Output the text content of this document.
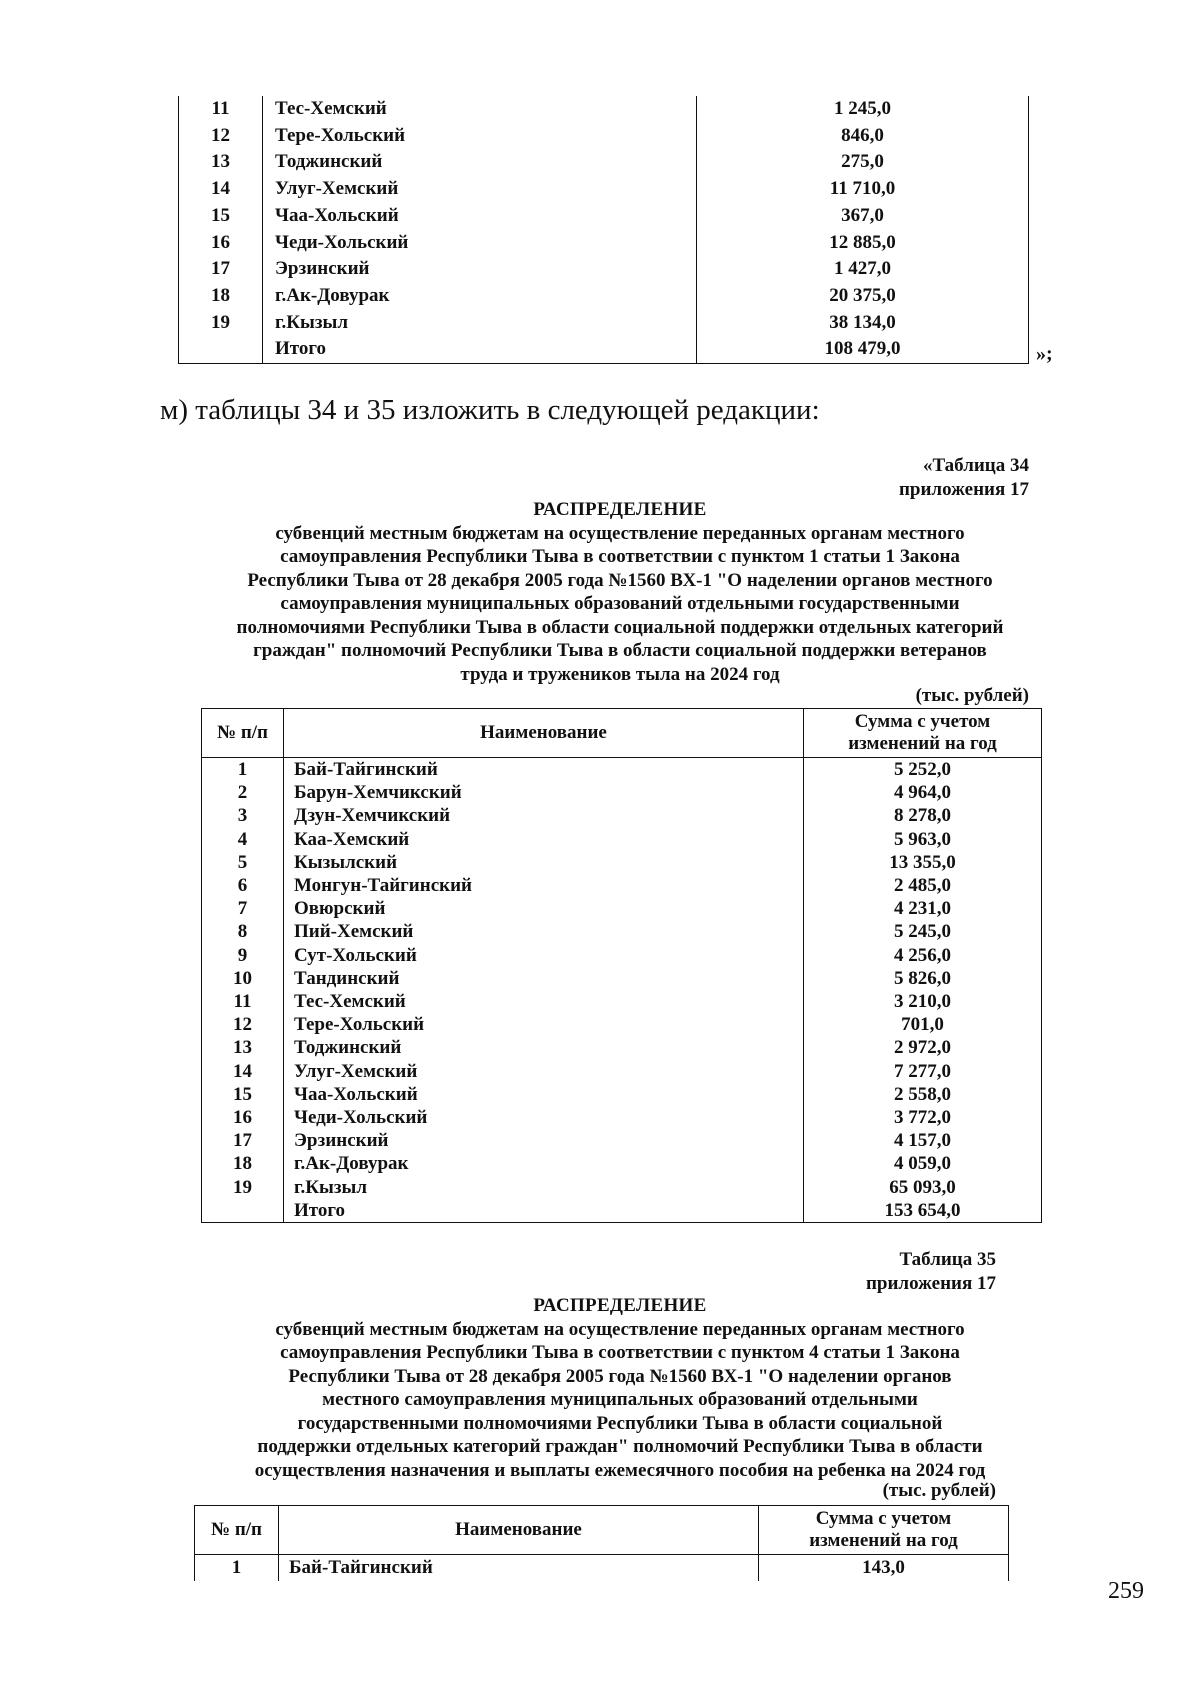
11	Тес-Хемский	1 245,0
12	Тере-Хольский	846,0
13	Тоджинский	275,0
14	Улуг-Хемский	11 710,0
15	Чаа-Хольский	367,0
16	Чеди-Хольский	12 885,0
17	Эрзинский	1 427,0
18	г.Ак-Довурак	20 375,0
19	г.Кызыл	38 134,0
	Итого	108 479,0	»;
м) таблицы 34 и 35 изложить в следующей редакции:
«Таблица 34
приложения 17
РАСПРЕДЕЛЕНИЕ
субвенций местным бюджетам на осуществление переданных органам местного
самоуправления Республики Тыва в соответствии с пунктом 1 статьи 1 Закона
Республики Тыва от 28 декабря 2005 года №1560 ВХ-1 "О наделении органов местного
самоуправления муниципальных образований отдельными государственными
полномочиями Республики Тыва в области социальной поддержки отдельных категорий
граждан" полномочий Республики Тыва в области социальной поддержки ветеранов
труда и тружеников тыла на 2024 год
(тыс. рублей)
№ п/п	Наименование	Сумма с учетом
изменений на год

1	Бай-Тайгинский	5 252,0
2	Барун-Хемчикский	4 964,0
3	Дзун-Хемчикский	8 278,0
4	Каа-Хемский	5 963,0
5	Кызылский	13 355,0
6	Монгун-Тайгинский	2 485,0
7	Овюрский	4 231,0
8	Пий-Хемский	5 245,0
9	Сут-Хольский	4 256,0
10	Тандинский	5 826,0
11	Тес-Хемский	3 210,0
12	Тере-Хольский	701,0
13	Тоджинский	2 972,0
14	Улуг-Хемский	7 277,0
15	Чаа-Хольский	2 558,0
16	Чеди-Хольский	3 772,0
17	Эрзинский	4 157,0
18	г.Ак-Довурак	4 059,0
19	г.Кызыл	65 093,0
	Итого	153 654,0
Таблица 35
приложения 17
РАСПРЕДЕЛЕНИЕ
субвенций местным бюджетам на осуществление переданных органам местного
самоуправления Республики Тыва в соответствии с пунктом 4 статьи 1 Закона
Республики Тыва от 28 декабря 2005 года №1560 ВХ-1 "О наделении органов
местного самоуправления муниципальных образований отдельными
государственными полномочиями Республики Тыва в области социальной
поддержки отдельных категорий граждан" полномочий Республики Тыва в области
осуществления назначения и выплаты ежемесячного пособия на ребенка на 2024 год
(тыс. рублей)
№ п/п	Наименование	Сумма с учетом
изменений на год

1	Бай-Тайгинский	143,0
259
